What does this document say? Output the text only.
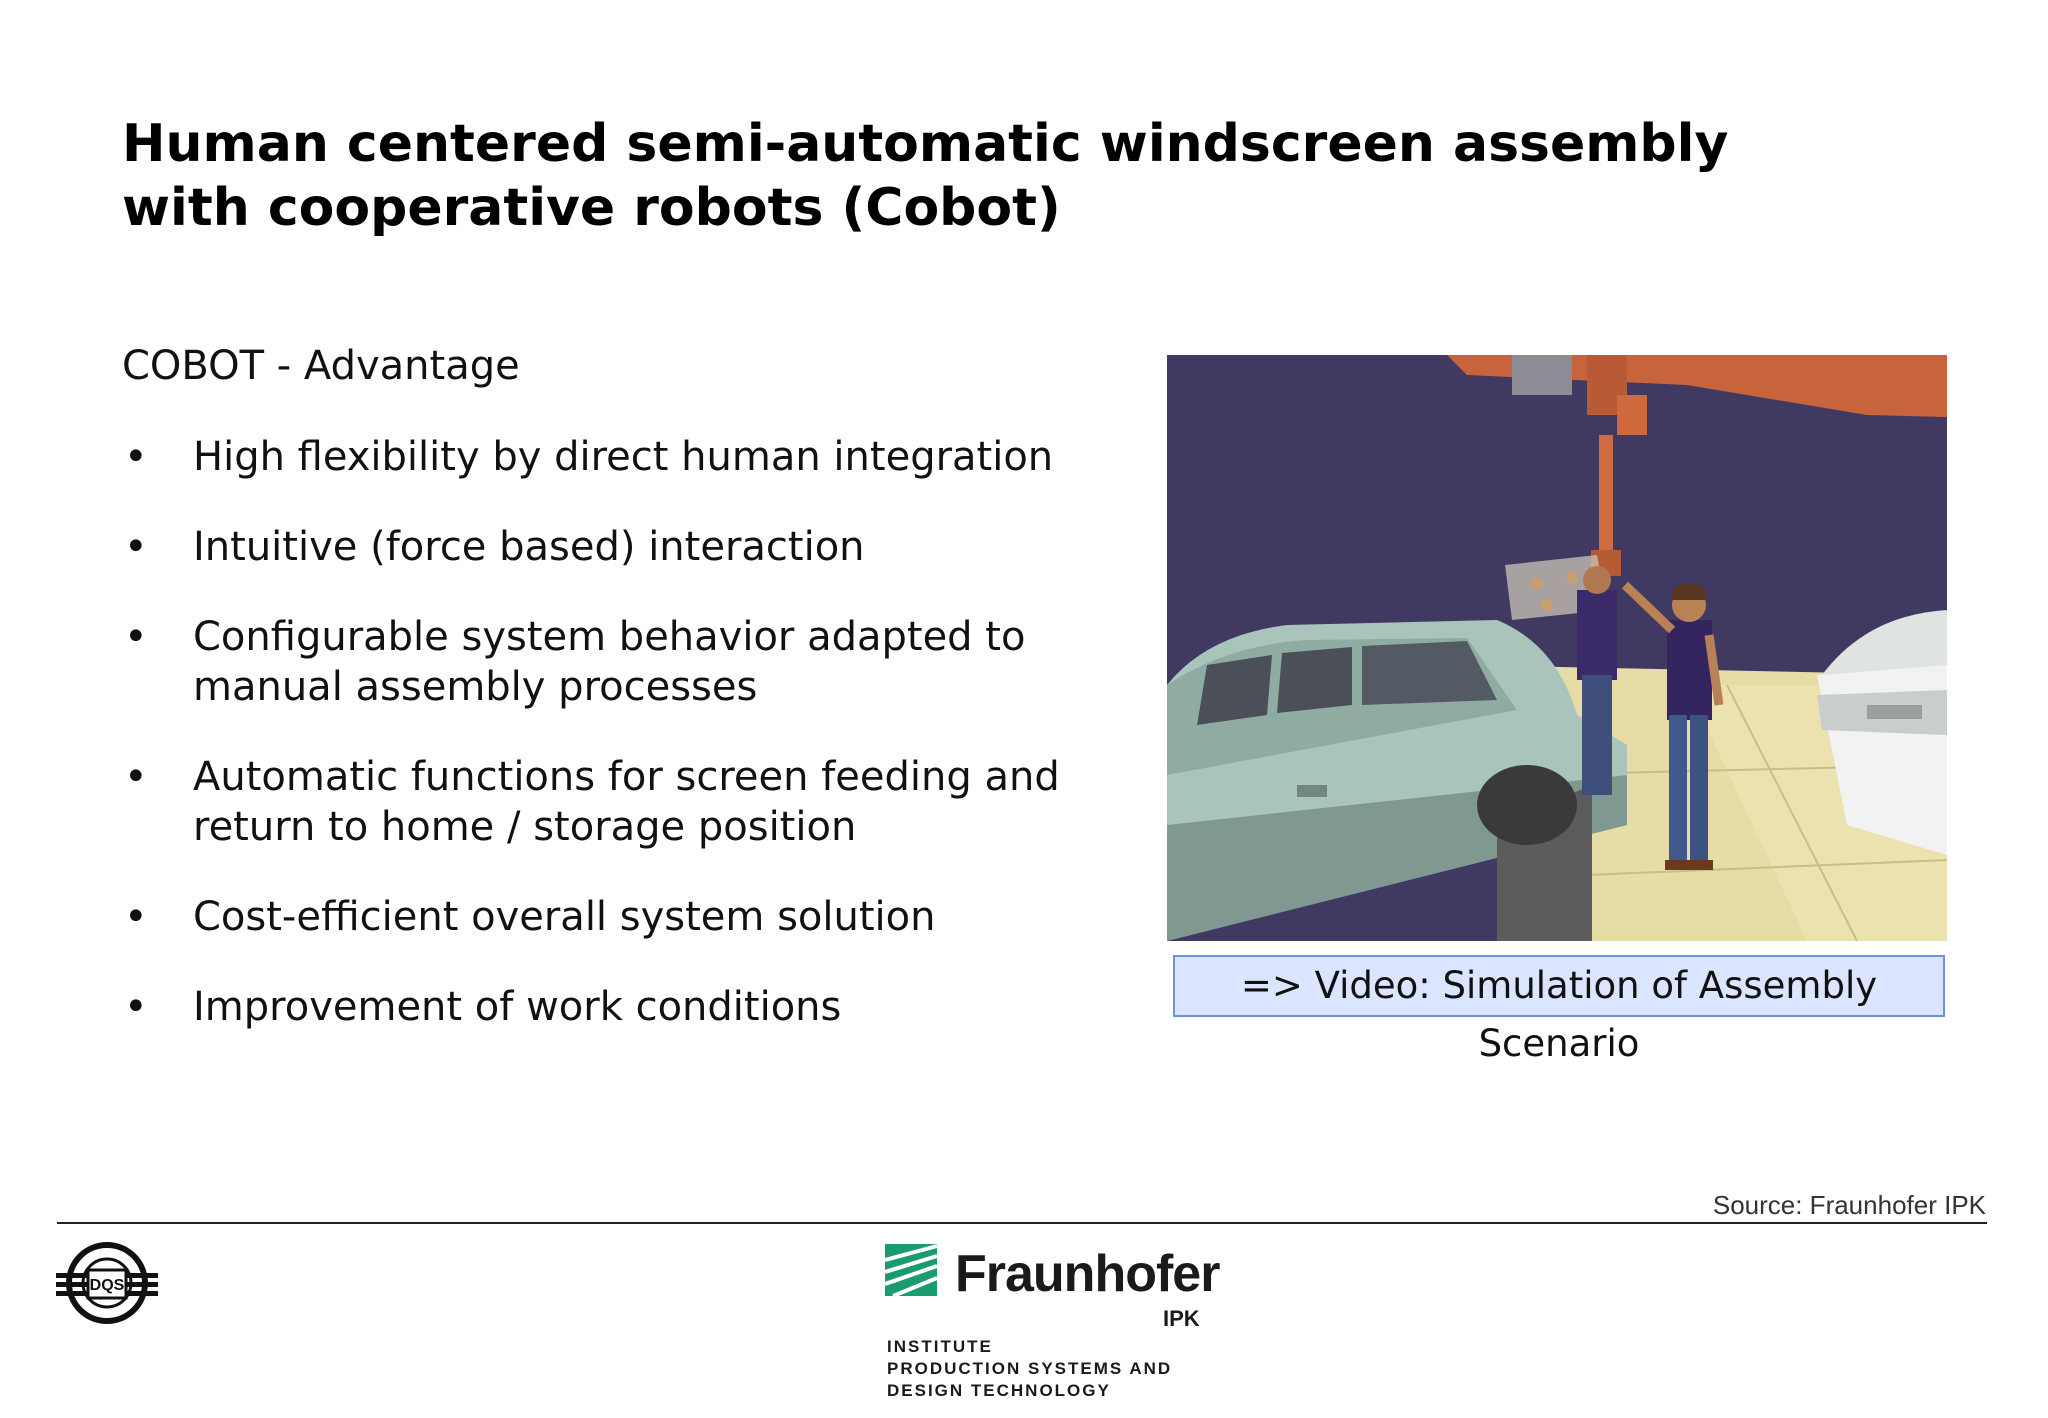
Human centered semi-automatic windscreen assembly with cooperative robots (Cobot)
COBOT - Advantage
• High flexibility by direct human integration
• Intuitive (force based) interaction
• Configurable system behavior adapted to manual assembly processes
• Automatic functions for screen feeding and return to home / storage position
• Cost-efficient overall system solution
• Improvement of work conditions	=> Video: Simulation of Assembly Scenario
Source: Fraunhofer IPK
DQS	Fraunhofer
IPK
INSTITUTE
PRODUCTION SYSTEMS AND
DESIGN TECHNOLOGY
